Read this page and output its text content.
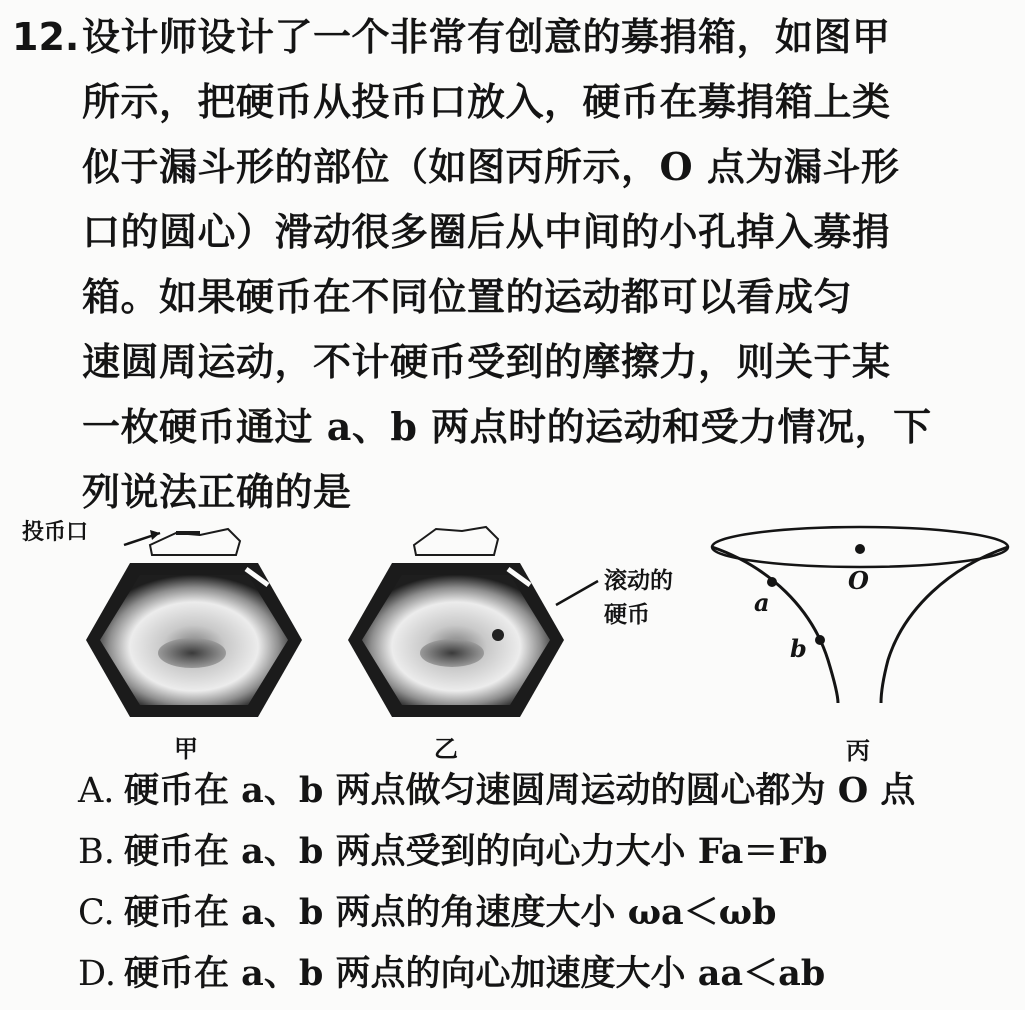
12. 设计师设计了一个非常有创意的募捐箱，如图甲
所示，把硬币从投币口放入，硬币在募捐箱上类
似于漏斗形的部位（如图丙所示，O 点为漏斗形
口的圆心）滑动很多圈后从中间的小孔掉入募捐
箱。如果硬币在不同位置的运动都可以看成匀
速圆周运动，不计硬币受到的摩擦力，则关于某
一枚硬币通过 a、b 两点时的运动和受力情况，下
列说法正确的是
投币口
滚动的
硬币
O
a
b
甲	乙	丙
A. 硬币在 a、b 两点做匀速圆周运动的圆心都为 O 点
B. 硬币在 a、b 两点受到的向心力大小 Fa＝Fb
C. 硬币在 a、b 两点的角速度大小 ωa＜ωb
D. 硬币在 a、b 两点的向心加速度大小 aa＜ab
